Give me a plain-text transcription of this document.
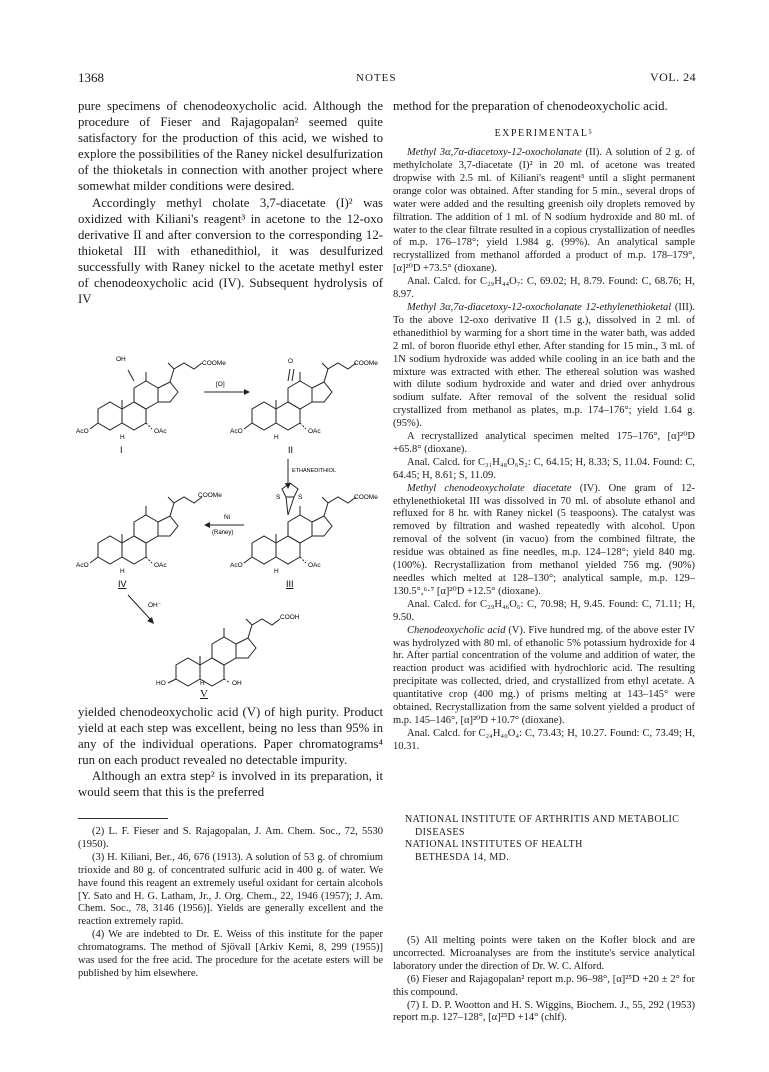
1368	NOTES	VOL. 24

pure specimens of chenodeoxycholic acid. Although the procedure of Fieser and Rajagopalan² seemed quite satisfactory for the production of this acid, we wished to explore the possibilities of the Raney nickel desulfurization of the thioketals in connection with another project where somewhat milder conditions were desired.

Accordingly methyl cholate 3,7-diacetate (I)² was oxidized with Kiliani's reagent³ in acetone to the 12-oxo derivative II and after conversion to the corresponding 12-thioketal III with ethanedithiol, it was desulfurized successfully with Raney nickel to the acetate methyl ester of chenodeoxycholic acid (IV). Subsequent hydrolysis of IV

OH
COOMe
AcO	OAc
H
I
[O]
O	COOMe
AcO	OAc
H
II
ETHANEDITHIOL
S	S	COOMe
AcO	OAc
H
III
Ni
(Raney)
COOMe
AcO	OAc
H
IV
OH⁻
COOH
HO	OH
H
V

yielded chenodeoxycholic acid (V) of high purity. Product yield at each step was excellent, being no less than 95% in any of the individual operations. Paper chromatograms⁴ run on each product revealed no detectable impurity.

Although an extra step² is involved in its preparation, it would seem that this is the preferred

(2) L. F. Fieser and S. Rajagopalan, J. Am. Chem. Soc., 72, 5530 (1950).

(3) H. Kiliani, Ber., 46, 676 (1913). A solution of 53 g. of chromium trioxide and 80 g. of concentrated sulfuric acid in 400 g. of water. We have found this reagent an extremely useful oxidant for certain alcohols [Y. Sato and H. G. Latham, Jr., J. Org. Chem., 22, 1946 (1957); J. Am. Chem. Soc., 78, 3146 (1956)]. Yields are generally excellent and the reaction extremely rapid.

(4) We are indebted to Dr. E. Weiss of this institute for the paper chromatograms. The method of Sjövall [Arkiv Kemi, 8, 299 (1955)] was used for the free acid. The procedure for the acetate esters will be published by him elsewhere.

method for the preparation of chenodeoxycholic acid.

EXPERIMENTAL⁵

Methyl 3α,7α-diacetoxy-12-oxocholanate (II). A solution of 2 g. of methylcholate 3,7-diacetate (I)² in 20 ml. of acetone was treated dropwise with 2.5 ml. of Kiliani's reagent³ until a slight permanent orange color was obtained. After standing for 5 min., several drops of water were added and the resulting greenish oily droplets removed by filtration. The addition of 1 ml. of N sodium hydroxide and 80 ml. of water to the clear filtrate resulted in a copious crystallization of needles of m.p. 176–178°; yield 1.984 g. (99%). An analytical sample recrystallized from methanol afforded a product of m.p. 178–179°, [α]²⁰D +73.5° (dioxane).

Anal. Calcd. for C₂₉H₄₄O₇: C, 69.02; H, 8.79. Found: C, 68.76; H, 8.97.

Methyl 3α,7α-diacetoxy-12-oxocholanate 12-ethylenethioketal (III). To the above 12-oxo derivative II (1.5 g.), dissolved in 2 ml. of ethanedithiol by warming for a short time in the water bath, was added 2 ml. of boron fluoride ethyl ether. After standing for 15 min., 3 ml. of 1N sodium hydroxide was added while cooling in an ice bath and the mixture was extracted with ether. The ethereal solution was washed with dilute sodium hydroxide and water and dried over anhydrous sodium sulfate. After removal of the solvent the residual solid crystallized from methanol as plates, m.p. 174–176°; yield 1.64 g. (95%).

A recrystallized analytical specimen melted 175–176°, [α]²⁰D +65.8° (dioxane).

Anal. Calcd. for C₃₁H₄₈O₆S₂: C, 64.15; H, 8.33; S, 11.04. Found: C, 64.45; H, 8.61; S, 11.09.

Methyl chenodeoxycholate diacetate (IV). One gram of 12-ethylenethioketal III was dissolved in 70 ml. of absolute ethanol and refluxed for 8 hr. with Raney nickel (5 teaspoons). The catalyst was removed by filtration and washed repeatedly with alcohol. Upon removal of the solvent (in vacuo) from the combined filtrate, the residue was obtained as fine needles, m.p. 124–128°; yield 840 mg. (100%). Recrystallization from methanol yielded 756 mg. (90%) needles which melted at 128–130°; analytical sample, m.p. 129–130.5°,⁶·⁷ [α]²⁰D +12.5° (dioxane).

Anal. Calcd. for C₂₉H₄₆O₆: C, 70.98; H, 9.45. Found: C, 71.11; H, 9.50.

Chenodeoxycholic acid (V). Five hundred mg. of the above ester IV was hydrolyzed with 80 ml. of ethanolic 5% potassium hydroxide for 4 hr. After partial concentration of the volume and addition of water, the reaction product was acidified with hydrochloric acid. The resulting precipitate was collected, dried, and crystallized from ethyl acetate. A quantitative crop (400 mg.) of prisms melting at 143–145° were obtained. Recrystallization from the same solvent yielded a product of m.p. 145–146°, [α]²⁰D +10.7° (dioxane).

Anal. Calcd. for C₂₄H₄₀O₄: C, 73.43; H, 10.27. Found: C, 73.49; H, 10.31.

NATIONAL INSTITUTE OF ARTHRITIS AND METABOLIC
DISEASES
NATIONAL INSTITUTES OF HEALTH
BETHESDA 14, MD.

(5) All melting points were taken on the Kofler block and are uncorrected. Microanalyses are from the institute's service analytical laboratory under the direction of Dr. W. C. Alford.

(6) Fieser and Rajagopalan² report m.p. 96–98°, [α]²⁵D +20 ± 2° for this compound.

(7) I. D. P. Wootton and H. S. Wiggins, Biochem. J., 55, 292 (1953) report m.p. 127–128°, [α]²⁵D +14° (chlf).
